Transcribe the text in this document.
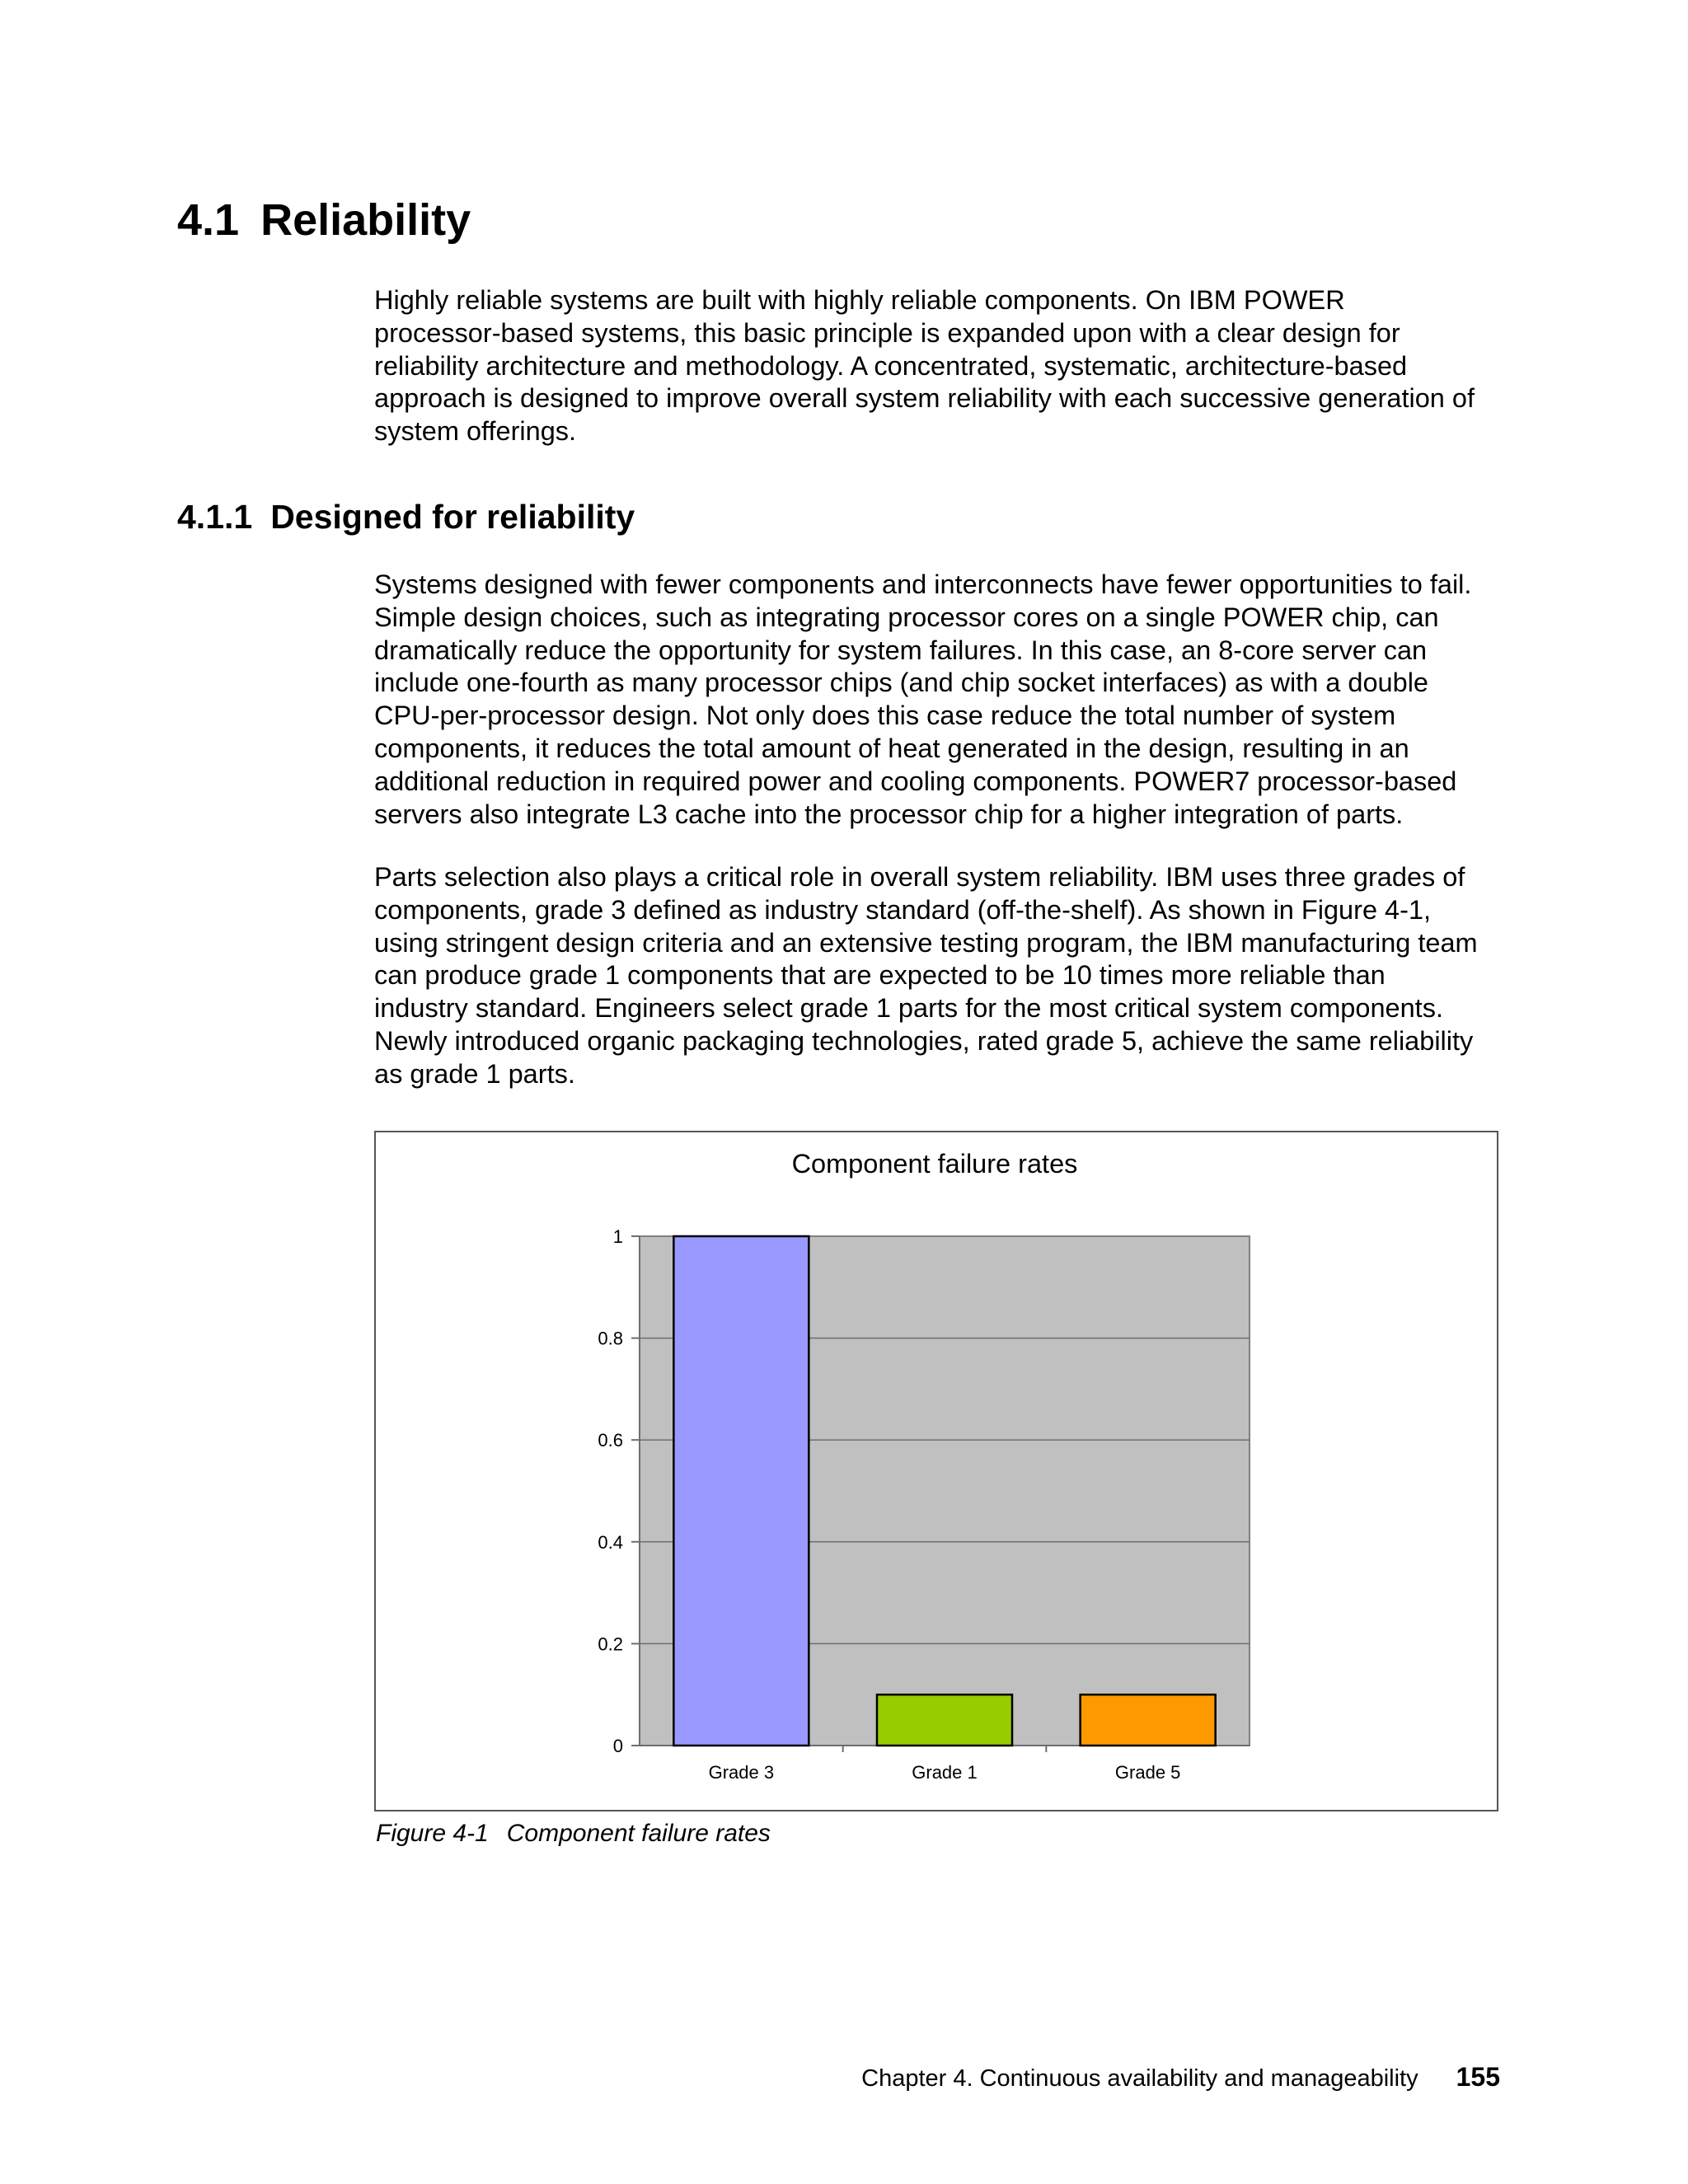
4.1 Reliability

Highly reliable systems are built with highly reliable components. On IBM POWER
processor-based systems, this basic principle is expanded upon with a clear design for
reliability architecture and methodology. A concentrated, systematic, architecture-based
approach is designed to improve overall system reliability with each successive generation of
system offerings.

4.1.1 Designed for reliability

Systems designed with fewer components and interconnects have fewer opportunities to fail.
Simple design choices, such as integrating processor cores on a single POWER chip, can
dramatically reduce the opportunity for system failures. In this case, an 8-core server can
include one-fourth as many processor chips (and chip socket interfaces) as with a double
CPU-per-processor design. Not only does this case reduce the total number of system
components, it reduces the total amount of heat generated in the design, resulting in an
additional reduction in required power and cooling components. POWER7 processor-based
servers also integrate L3 cache into the processor chip for a higher integration of parts.

Parts selection also plays a critical role in overall system reliability. IBM uses three grades of
components, grade 3 defined as industry standard (off-the-shelf). As shown in Figure 4-1,
using stringent design criteria and an extensive testing program, the IBM manufacturing team
can produce grade 1 components that are expected to be 10 times more reliable than
industry standard. Engineers select grade 1 parts for the most critical system components.
Newly introduced organic packaging technologies, rated grade 5, achieve the same reliability
as grade 1 parts.

Component failure rates
0
0.2
0.4
0.6
0.8
1
Grade 3	Grade 1	Grade 5

Figure 4-1 Component failure rates

Chapter 4. Continuous availability and manageability 155
